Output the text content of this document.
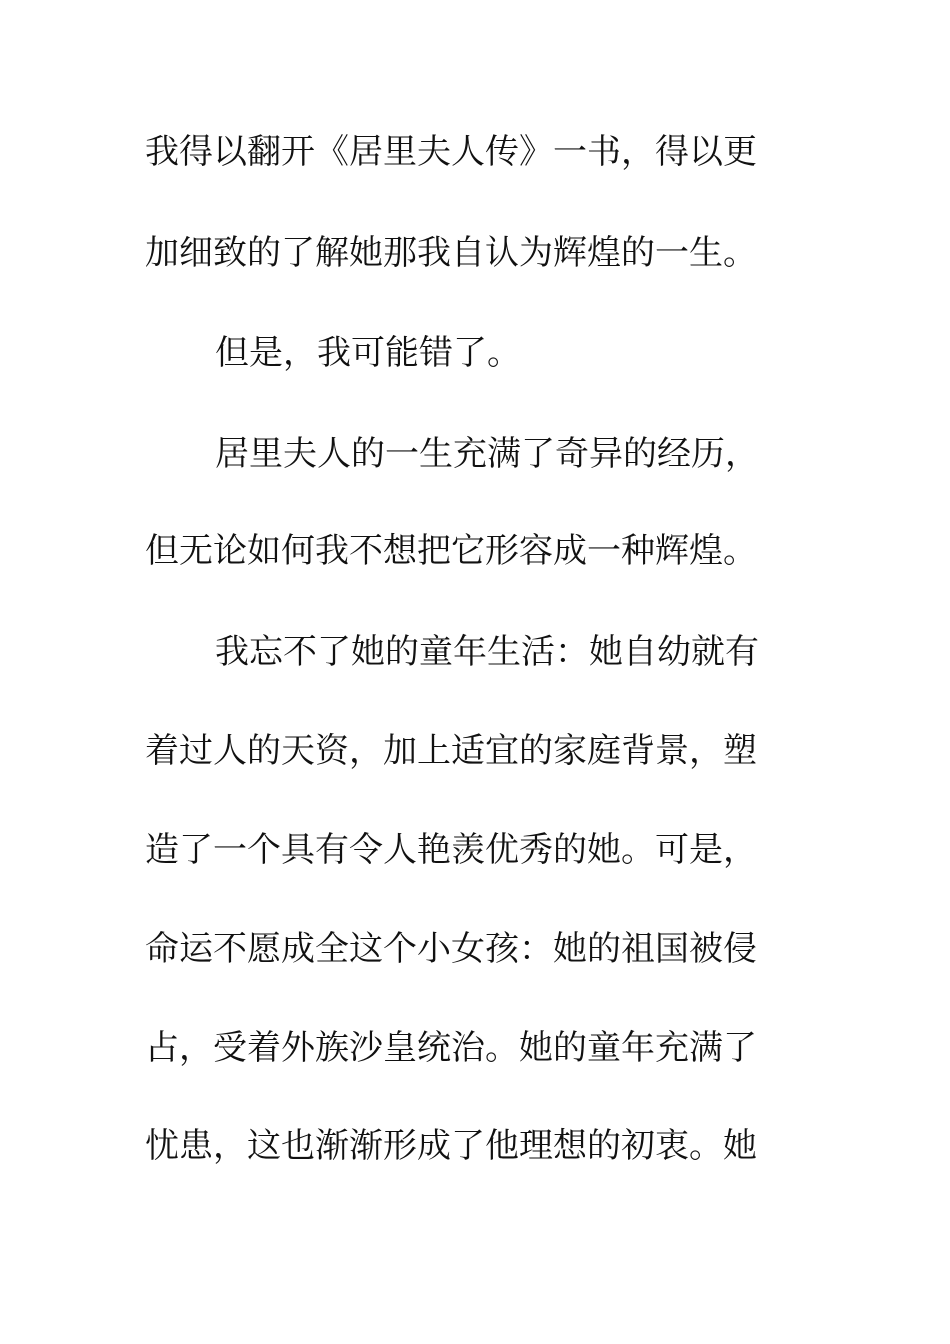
我得以翻开《居里夫人传》一书，得以更
加细致的了解她那我自认为辉煌的一生。
但是，我可能错了。
居里夫人的一生充满了奇异的经历，
但无论如何我不想把它形容成一种辉煌。
我忘不了她的童年生活：她自幼就有
着过人的天资，加上适宜的家庭背景，塑
造了一个具有令人艳羡优秀的她。可是，
命运不愿成全这个小女孩：她的祖国被侵
占，受着外族沙皇统治。她的童年充满了
忧患，这也渐渐形成了他理想的初衷。她
